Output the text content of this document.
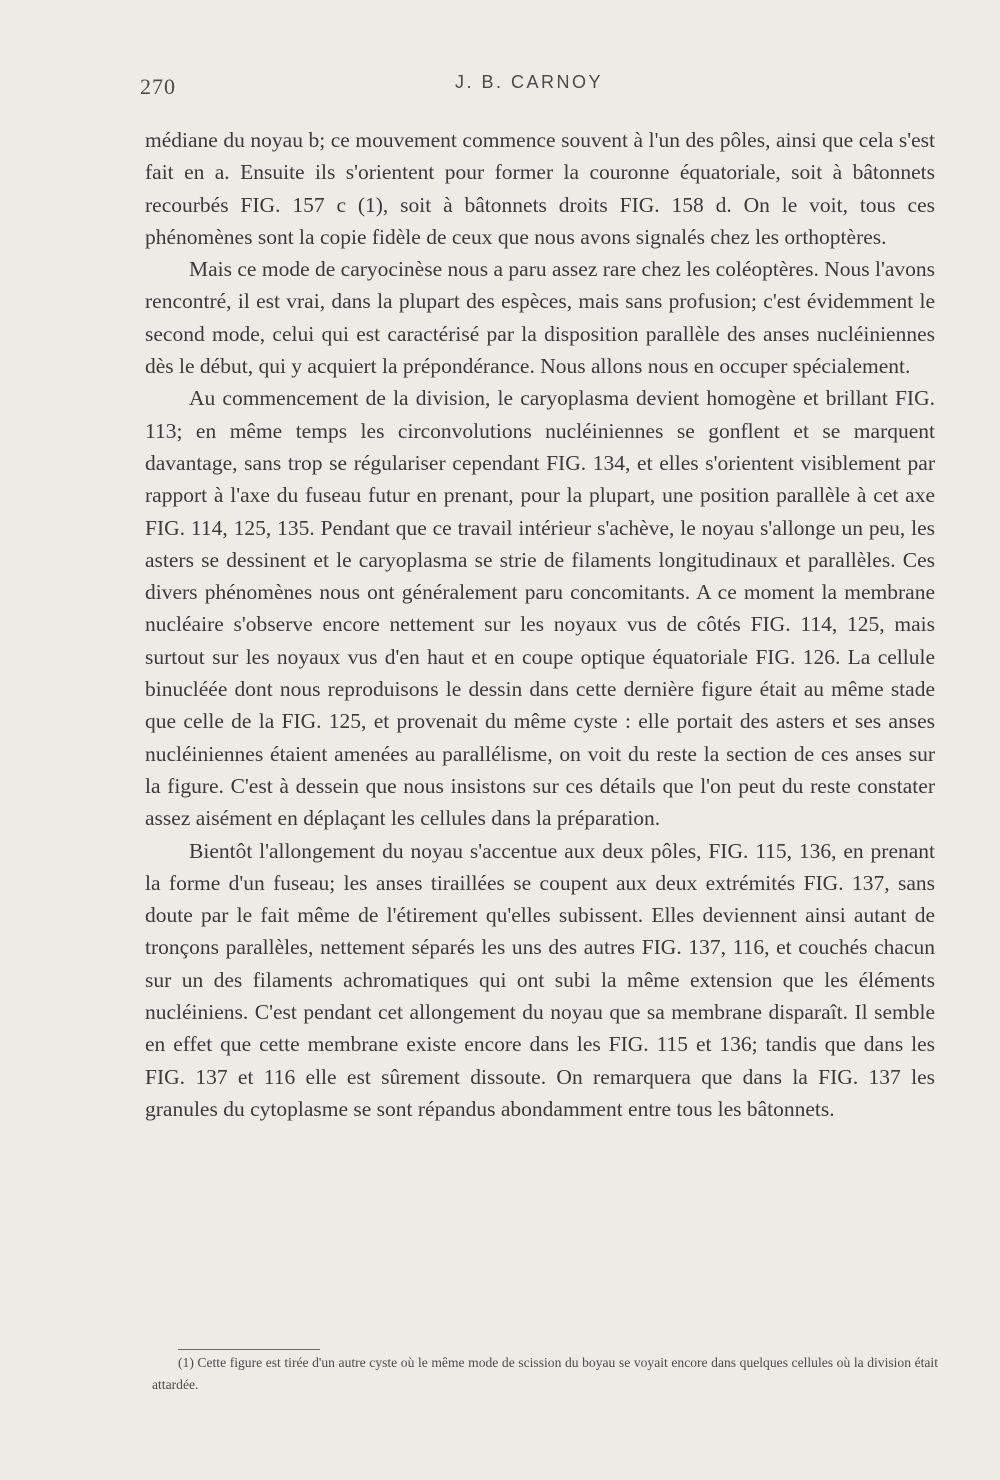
270	J. B. CARNOY

médiane du noyau b; ce mouvement commence souvent à l'un des pôles, ainsi que cela s'est fait en a. Ensuite ils s'orientent pour former la couronne équatoriale, soit à bâtonnets recourbés FIG. 157 c (1), soit à bâtonnets droits FIG. 158 d. On le voit, tous ces phénomènes sont la copie fidèle de ceux que nous avons signalés chez les orthoptères.

Mais ce mode de caryocinèse nous a paru assez rare chez les coléoptères. Nous l'avons rencontré, il est vrai, dans la plupart des espèces, mais sans profusion; c'est évidemment le second mode, celui qui est caractérisé par la disposition parallèle des anses nucléiniennes dès le début, qui y acquiert la prépondérance. Nous allons nous en occuper spécialement.

Au commencement de la division, le caryoplasma devient homogène et brillant FIG. 113; en même temps les circonvolutions nucléiniennes se gonflent et se marquent davantage, sans trop se régulariser cependant FIG. 134, et elles s'orientent visiblement par rapport à l'axe du fuseau futur en prenant, pour la plupart, une position parallèle à cet axe FIG. 114, 125, 135. Pendant que ce travail intérieur s'achève, le noyau s'allonge un peu, les asters se dessinent et le caryoplasma se strie de filaments longitudinaux et parallèles. Ces divers phénomènes nous ont généralement paru concomitants. A ce moment la membrane nucléaire s'observe encore nettement sur les noyaux vus de côtés FIG. 114, 125, mais surtout sur les noyaux vus d'en haut et en coupe optique équatoriale FIG. 126. La cellule binucléée dont nous reproduisons le dessin dans cette dernière figure était au même stade que celle de la FIG. 125, et provenait du même cyste : elle portait des asters et ses anses nucléiniennes étaient amenées au parallélisme, on voit du reste la section de ces anses sur la figure. C'est à dessein que nous insistons sur ces détails que l'on peut du reste constater assez aisément en déplaçant les cellules dans la préparation.

Bientôt l'allongement du noyau s'accentue aux deux pôles, FIG. 115, 136, en prenant la forme d'un fuseau; les anses tiraillées se coupent aux deux extrémités FIG. 137, sans doute par le fait même de l'étirement qu'elles subissent. Elles deviennent ainsi autant de tronçons parallèles, nettement séparés les uns des autres FIG. 137, 116, et couchés chacun sur un des filaments achromatiques qui ont subi la même extension que les éléments nucléiniens. C'est pendant cet allongement du noyau que sa membrane disparaît. Il semble en effet que cette membrane existe encore dans les FIG. 115 et 136; tandis que dans les FIG. 137 et 116 elle est sûrement dissoute. On remarquera que dans la FIG. 137 les granules du cytoplasme se sont répandus abondamment entre tous les bâtonnets.

(1) Cette figure est tirée d'un autre cyste où le même mode de scission du boyau se voyait encore dans quelques cellules où la division était attardée.
